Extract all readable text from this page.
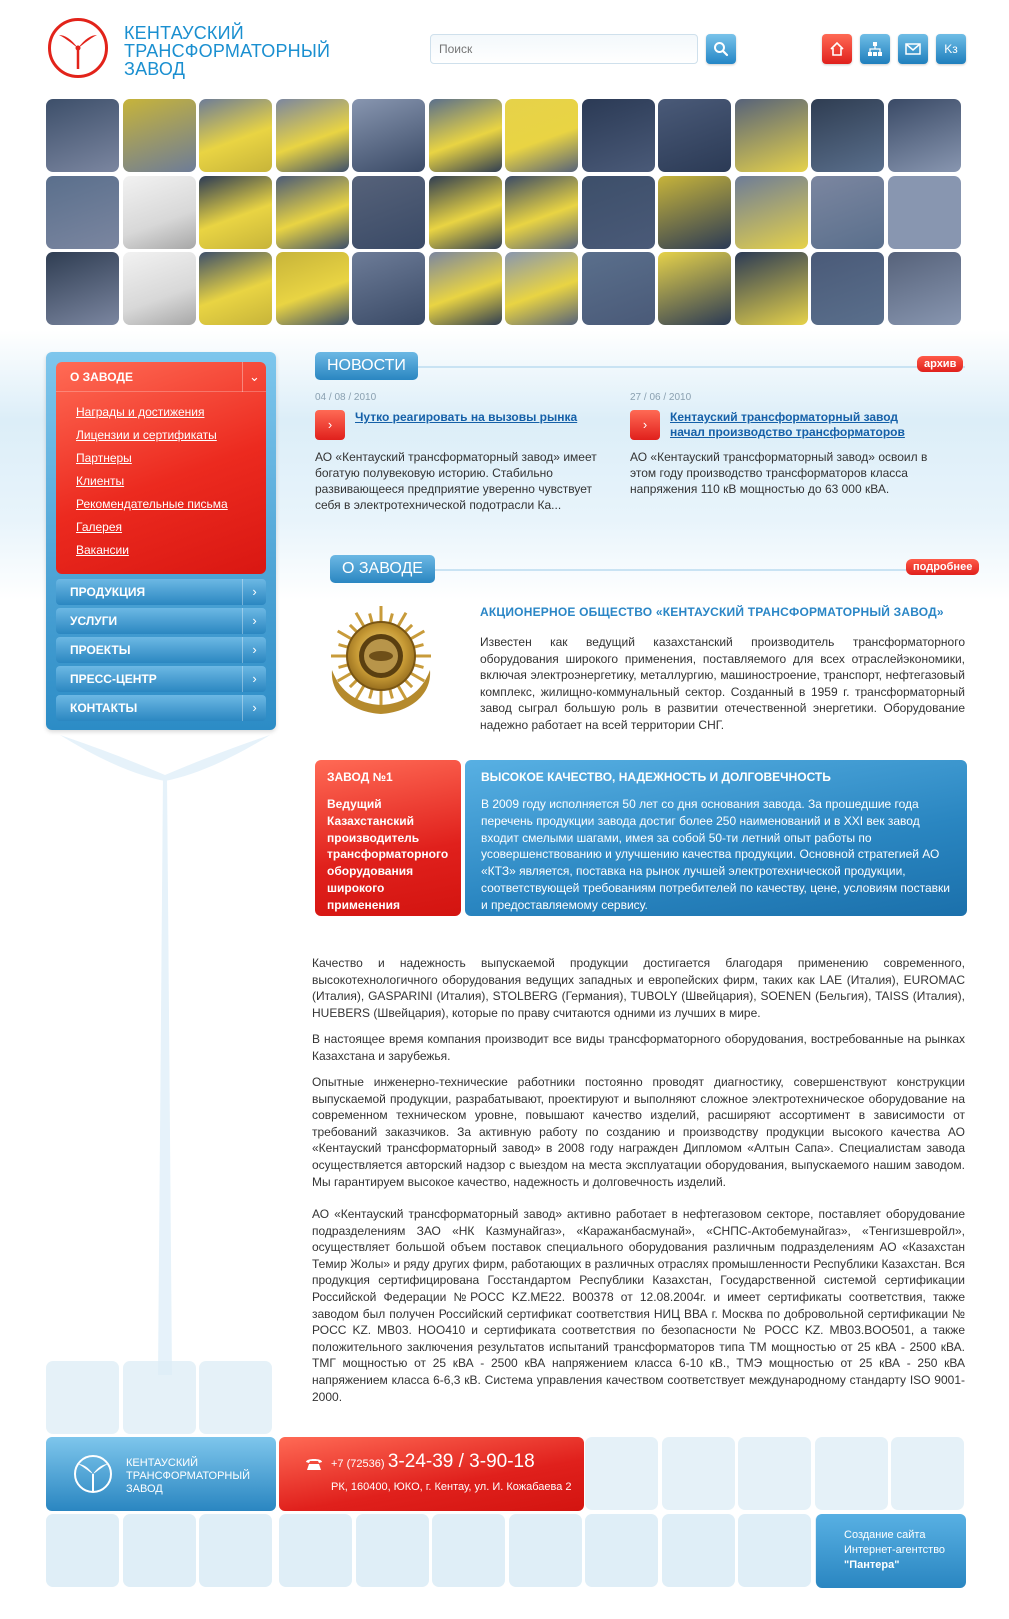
КЕНТАУСКИЙ
ТРАНСФОРМАТОРНЫЙ
ЗАВОД
Поиск
Kз
О ЗАВОДЕ	⌄
Награды и достижения
Лицензии и сертификаты
Партнеры
Клиенты
Рекомендательные письма
Галерея
Вакансии
ПРОДУКЦИЯ	›
УСЛУГИ	›
ПРОЕКТЫ	›
ПРЕСС-ЦЕНТР	›
КОНТАКТЫ	›
НОВОСТИ	архив
04 / 08 / 2010
›	Чутко реагировать на вызовы рынка
АО «Кентауский трансформаторный завод» имеет богатую полувековую историю. Стабильно развивающееся предприятие уверенно чувствует себя в электротехнической подотрасли Ка...
27 / 06 / 2010
›	Кентауский трансформаторный завод начал производство трансформаторов
АО «Кентауский трансформаторный завод» освоил в этом году производство трансформаторов класса напряжения 110 кВ мощностью до 63 000 кВА.
О ЗАВОДЕ	подробнее
АКЦИОНЕРНОЕ ОБЩЕСТВО «КЕНТАУСКИЙ ТРАНСФОРМАТОРНЫЙ ЗАВОД»
Известен как ведущий казахстанский производитель трансформаторного оборудования широкого применения, поставляемого для всех отраслейэкономики, включая электроэнергетику, металлургию, машиностроение, транспорт, нефтегазовый комплекс, жилищно-коммунальный сектор. Созданный в 1959 г. трансформаторный завод сыграл большую роль в развитии отечественной энергетики. Оборудование надежно работает на всей территории СНГ.
ЗАВОД №1
Ведущий Казахстанский производитель трансформаторного оборудования широкого применения
ВЫСОКОЕ КАЧЕСТВО, НАДЕЖНОСТЬ И ДОЛГОВЕЧНОСТЬ
В 2009 году исполняется 50 лет со дня основания завода. За прошедшие года перечень продукции завода достиг более 250 наименований и в XXI век завод входит смелыми шагами, имея за собой 50-ти летний опыт работы по усовершенствованию и улучшению качества продукции. Основной стратегией АО «КТЗ» является, поставка на рынок лучшей электротехнической продукции, соответствующей требованиям потребителей по качеству, цене, условиям поставки и предоставляемому сервису.
Качество и надежность выпускаемой продукции достигается благодаря применению современного, высокотехнологичного оборудования ведущих западных и европейских фирм, таких как LAE (Италия), EUROMAC (Италия), GASPARINI (Италия), STOLBERG (Германия), TUBOLY (Швейцария), SOENEN (Бельгия), TAISS (Италия), HUEBERS (Швейцария), которые по праву считаются одними из лучших в мире.
В настоящее время компания производит все виды трансформаторного оборудования, востребованные на рынках Казахстана и зарубежья.
Опытные инженерно-технические работники постоянно проводят диагностику, совершенствуют конструкции выпускаемой продукции, разрабатывают, проектируют и выполняют сложное электротехническое оборудование на современном техническом уровне, повышают качество изделий, расширяют ассортимент в зависимости от требований заказчиков. За активную работу по созданию и производству продукции высокого качества АО «Кентауский трансформаторный завод» в 2008 году награжден Дипломом «Алтын Сапа». Специалистам завода осуществляется авторский надзор с выездом на места эксплуатации оборудования, выпускаемого нашим заводом. Мы гарантируем высокое качество, надежность и долговечность изделий.
АО «Кентауский трансформаторный завод» активно работает в нефтегазовом секторе, поставляет оборудование подразделениям ЗАО «НК Казмунайгаз», «Каражанбасмунай», «СНПС-Актобемунайгаз», «Тенгизшевройл», осуществляет большой объем поставок специального оборудования различным подразделениям АО «Казахстан Темир Жолы» и ряду других фирм, работающих в различных отраслях промышленности Республики Казахстан. Вся продукция сертифицирована Госстандартом Республики Казахстан, Государственной системой сертификации Российской Федерации №РОСС KZ.ME22. B00378 от 12.08.2004г. и имеет сертификаты соответствия, также заводом был получен Российский сертификат соответствия НИЦ ВВА г. Москва по добровольной сертификации № РОСС KZ. MB03. HOO410 и сертификата соответствия по безопасности № РОСС KZ. MB03.BOO501, а также положительного заключения результатов испытаний трансформаторов типа ТМ мощностью от 25 кВА - 2500 кВА. ТМГ мощностью от 25 кВА - 2500 кВА напряжением класса 6-10 кВ., ТМЭ мощностью от 25 кВА - 250 кВА напряжением класса 6-6,3 кВ. Система управления качеством соответствует международному стандарту ISO 9001-2000.
КЕНТАУСКИЙ
ТРАНСФОРМАТОРНЫЙ
ЗАВОД
+7 (72536) 3-24-39 / 3-90-18
РК, 160400, ЮКО, г. Кентау, ул. И. Кожабаева 2
Создание сайта
Интернет-агентство
"Пантера"
